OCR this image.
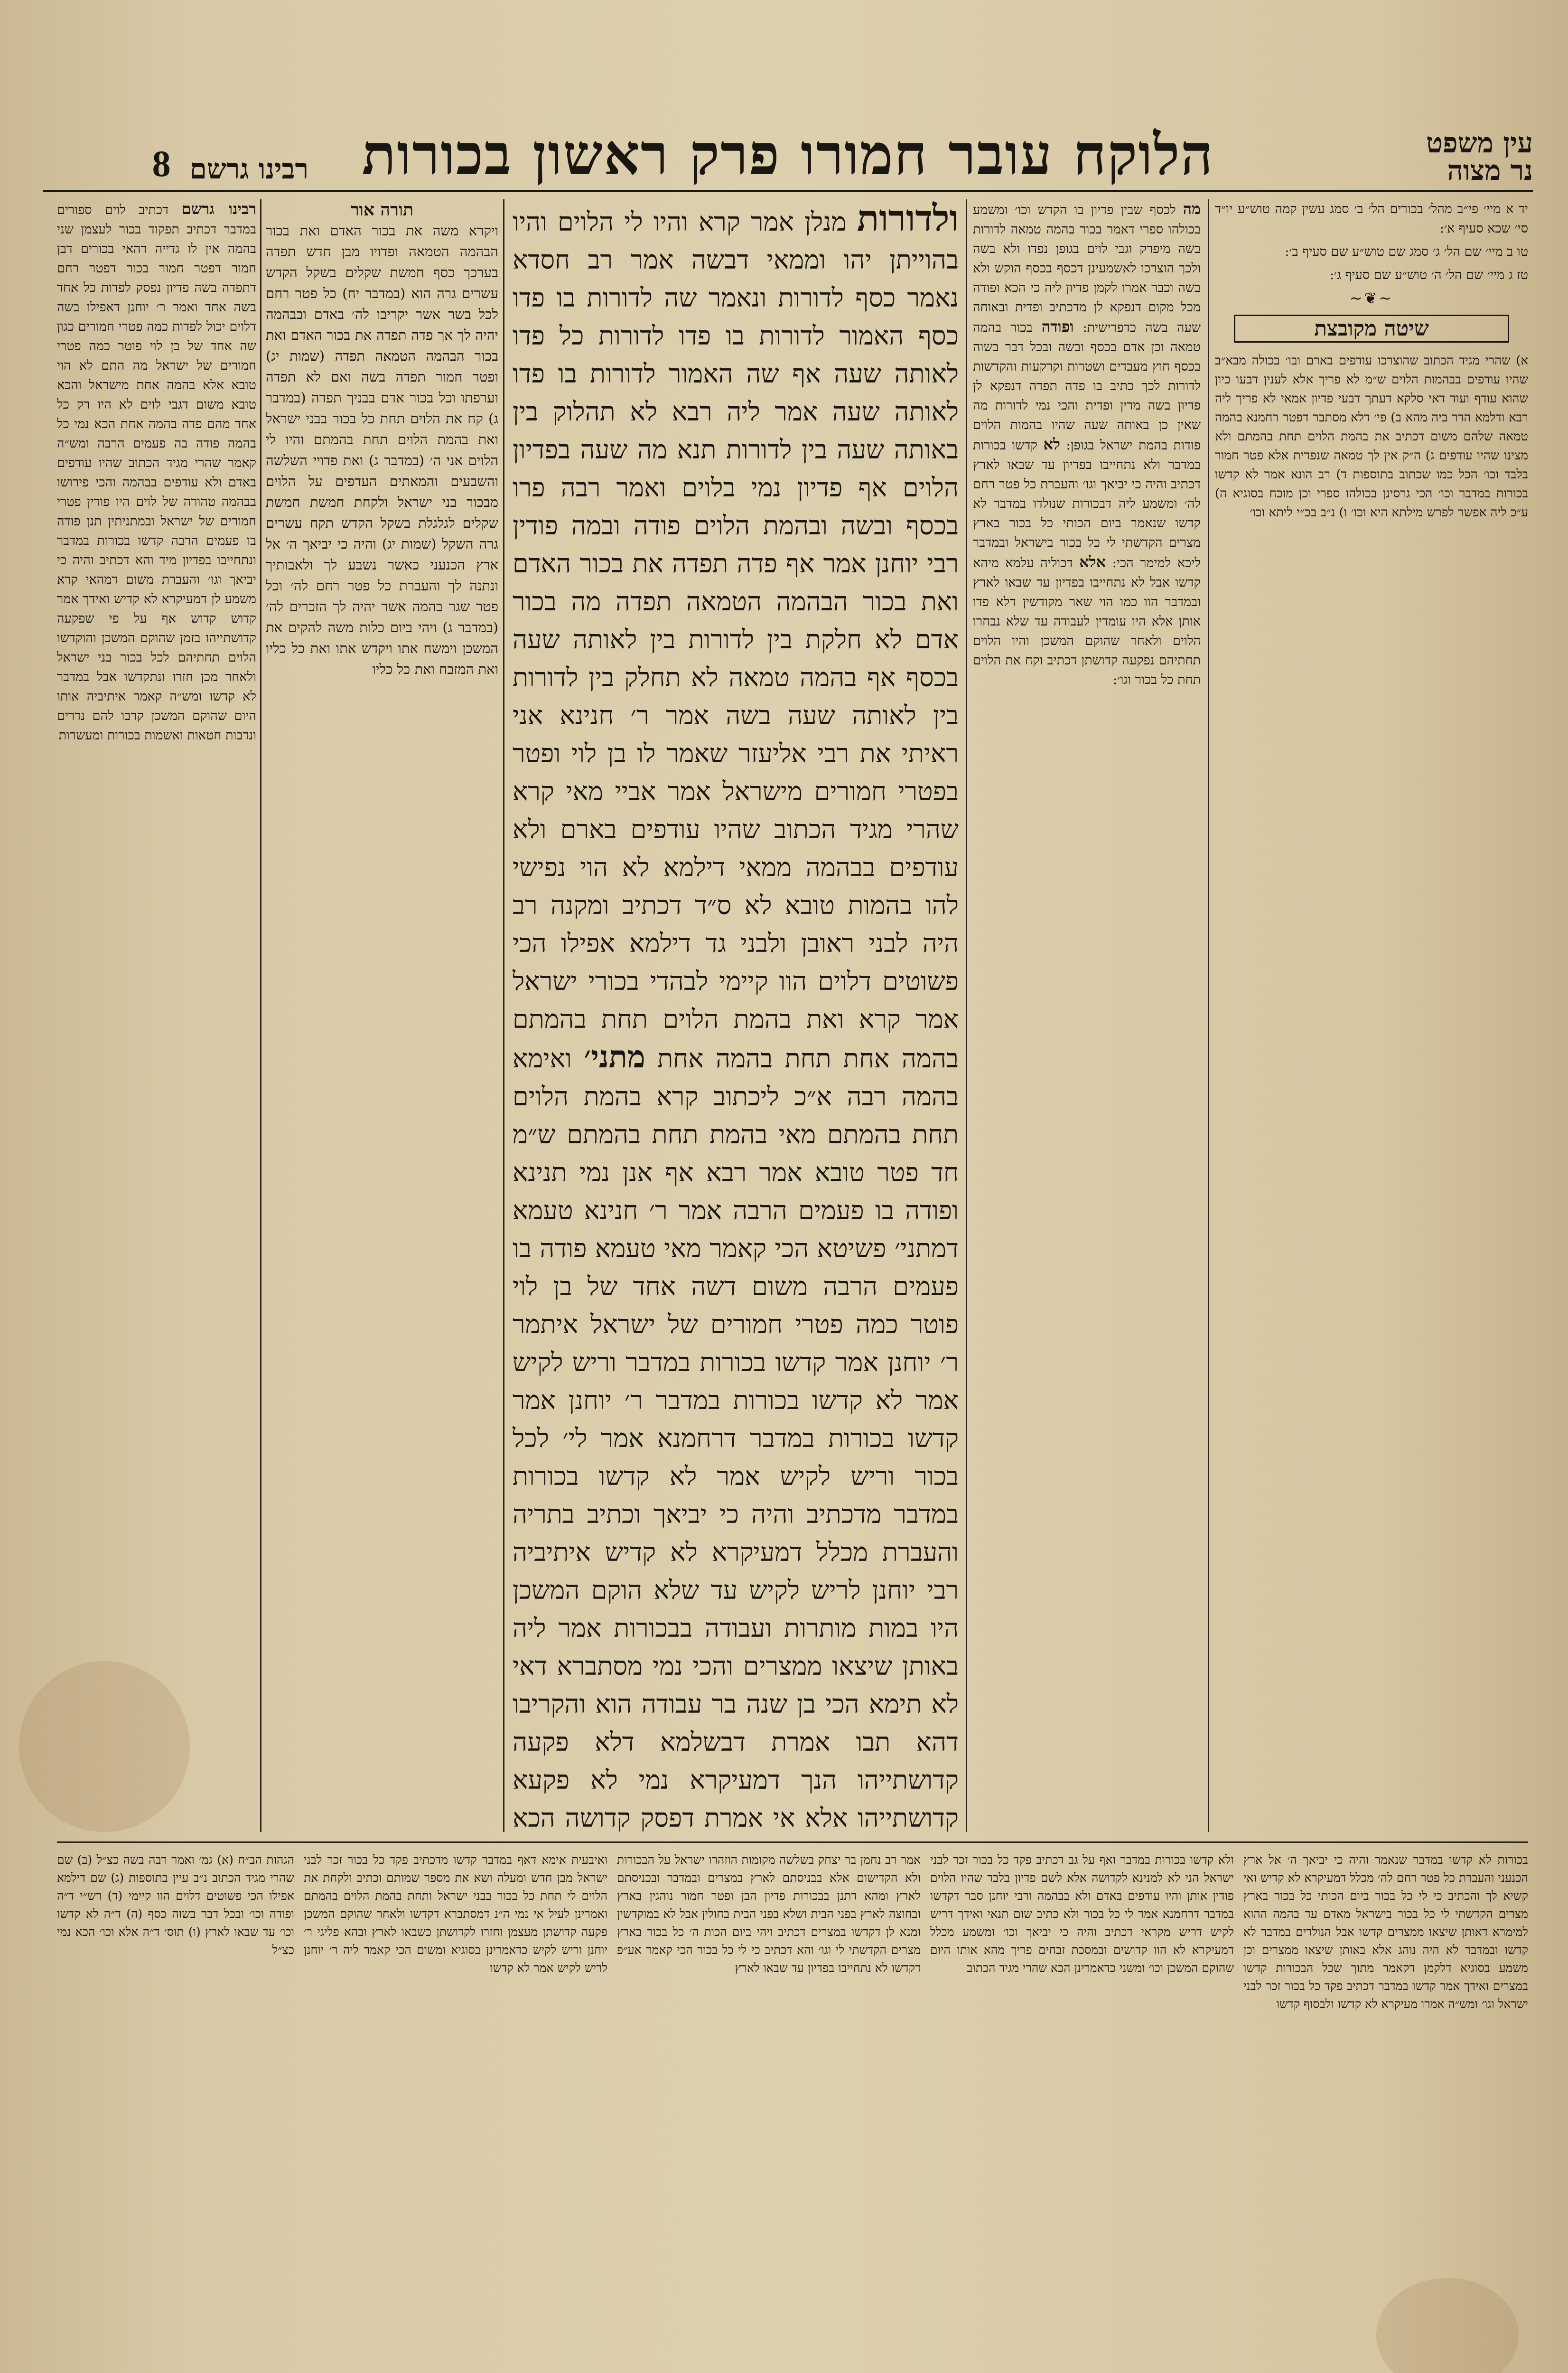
עין משפט
נר מצוה
הלוקח עובר חמורו פרק ראשון בכורות
רבינו גרשם
8
יד א מיי׳ פי״ב מהל׳ בכורים הל׳ ב׳ סמג עשין קמה טוש״ע יו״ד סי׳ שכא סעיף א׳:
טו ב מיי׳ שם הל׳ ג׳ סמג שם טוש״ע שם סעיף ב׳:
טז ג מיי׳ שם הל׳ ה׳ טוש״ע שם סעיף ג׳:
~❦~
שיטה מקובצת
א) שהרי מגיד הכתוב שהוצרכו עודפים בארם ובו׳ בכולה מבא״ב שהיו עודפים בבהמות הלוים ש״מ לא פריך אלא לענין דבעו כיון שהוא עודף ועוד דאי סלקא דעתך דבעי פדיון אמאי לא פריך ליה רבא ודלמא הדר ביה מהא ב) פי׳ דלא מסתבר דפטר רחמנא בהמה טמאה שלהם משום דכתיב את בהמת הלוים תחת בהמתם ולא מצינו שהיו עודפים ג) ה״ק אין לך טמאה שנפדית אלא פטר חמור בלבד וכו׳ הכל כמו שכתוב בתוספות ד) רב הונא אמר לא קדשו בכורות במדבר וכו׳ הכי גרסינן בכולהו ספרי וכן מוכח בסוגיא ה) ע״כ ליה אפשר לפרש מילתא היא וכו׳ ו) נ״ב בכ״י ליתא וכו׳
מה לכסף שבין פדיון בו הקדש וכו׳ ומשמע בכולהו ספרי דאמר בכור בהמה טמאה לדורות בשה מיפרק וגבי לוים בגופן נפדו ולא בשה ולכך הוצרכו לאשמעינן דכסף בכסף הוקש ולא בשה וכבר אמרו לקמן פדיון ליה כי הכא ופודה מכל מקום דנפקא לן מדכתיב ופדית ובאוחה שעה בשה כדפרישית: ופודה בכור בהמה טמאה וכן אדם בכסף ובשה ובכל דבר בשוה בכסף חוץ מעבדים ושטרות וקרקעות והקדשות לדורות לכך כתיב בו פדה תפדה דנפקא לן פדיון בשה מדין ופדית והכי נמי לדורות מה שאין כן באותה שעה שהיו בהמות הלוים פודות בהמת ישראל בגופן: לא קדשו בכורות במדבר ולא נתחייבו בפדיון עד שבאו לארץ דכתיב והיה כי יביאך וגו׳ והעברת כל פטר רחם לה׳ ומשמע ליה דבכורות שנולדו במדבר לא קדשו שנאמר ביום הכותי כל בכור בארץ מצרים הקדשתי לי כל בכור בישראל ובמדבר ליכא למימר הכי: אלא דכוליה עלמא מיהא קדשו אבל לא נתחייבו בפדיון עד שבאו לארץ ובמדבר הוו כמו הוי שאר מקודשין דלא פדו אותן אלא היו עומדין לעבודה עד שלא נבחרו הלוים ולאחר שהוקם המשכן והיו הלוים תחתיהם נפקעה קדושתן דכתיב וקח את הלוים תחת כל בכור וגו׳:
ולדורות מנלן אמר קרא והיו לי הלוים והיו בהוייתן יהו וממאי דבשה אמר רב חסדא נאמר כסף לדורות ונאמר שה לדורות בו פדו כסף האמור לדורות בו פדו לדורות כל פדו לאותה שעה אף שה האמור לדורות בו פדו לאותה שעה אמר ליה רבא לא תהלוק בין באותה שעה בין לדורות תנא מה שעה בפדיון הלוים אף פדיון נמי בלוים ואמר רבה פרו בכסף ובשה ובהמת הלוים פודה ובמה פודין רבי יוחנן אמר אף פדה תפדה את בכור האדם ואת בכור הבהמה הטמאה תפדה מה בכור אדם לא חלקת בין לדורות בין לאותה שעה בכסף אף בהמה טמאה לא תחלק בין לדורות בין לאותה שעה בשה אמר ר׳ חנינא אני ראיתי את רבי אליעזר שאמר לו בן לוי ופטר בפטרי חמורים מישראל אמר אביי מאי קרא שהרי מגיד הכתוב שהיו עודפים בארם ולא עודפים בבהמה ממאי דילמא לא הוי נפישי להו בהמות טובא לא ס״ד דכתיב ומקנה רב היה לבני ראובן ולבני גד דילמא אפילו הכי פשוטים דלוים הוו קיימי לבהדי בכורי ישראל אמר קרא ואת בהמת הלוים תחת בהמתם בהמה אחת תחת בהמה אחת מתני׳ ואימא בהמה רבה א״כ ליכתוב קרא בהמת הלוים תחת בהמתם מאי בהמת תחת בהמתם ש״מ חד פטר טובא אמר רבא אף אנן נמי תנינא ופודה בו פעמים הרבה אמר ר׳ חנינא טעמא דמתני׳ פשיטא הכי קאמר מאי טעמא פודה בו פעמים הרבה משום דשה אחד של בן לוי פוטר כמה פטרי חמורים של ישראל איתמר ר׳ יוחנן אמר קדשו בכורות במדבר וריש לקיש אמר לא קדשו בכורות במדבר ר׳ יוחנן אמר קדשו בכורות במדבר דרחמנא אמר לי׳ לכל בכור וריש לקיש אמר לא קדשו בכורות במדבר מדכתיב והיה כי יביאך וכתיב בתריה והעברת מכלל דמעיקרא לא קדיש איתיביה רבי יוחנן לריש לקיש עד שלא הוקם המשכן היו במות מותרות ועבודה בבכורות אמר ליה באותן שיצאו ממצרים והכי נמי מסתברא דאי לא תימא הכי בן שנה בר עבודה הוא והקריבו דהא תבו אמרת דבשלמא דלא פקעה קדושתייהו הנך דמעיקרא נמי לא פקעא קדושתייהו אלא אי אמרת דפסק קדושה הכא
תורה אור
ויקרא משה את בכור האדם ואת בכור הבהמה הטמאה ופדויו מבן חדש תפדה בערכך כסף חמשת שקלים בשקל הקדש עשרים גרה הוא (במדבר יח) כל פטר רחם לכל בשר אשר יקריבו לה׳ באדם ובבהמה יהיה לך אך פדה תפדה את בכור האדם ואת בכור הבהמה הטמאה תפדה (שמות יג) ופטר חמור תפדה בשה ואם לא תפדה וערפתו וכל בכור אדם בבניך תפדה (במדבר ג) קח את הלוים תחת כל בכור בבני ישראל ואת בהמת הלוים תחת בהמתם והיו לי הלוים אני ה׳ (במדבר ג) ואת פדויי השלשה והשבעים והמאתים העדפים על הלוים מבכור בני ישראל ולקחת חמשת חמשת שקלים לגלגלת בשקל הקדש תקח עשרים גרה השקל (שמות יג) והיה כי יביאך ה׳ אל ארץ הכנעני כאשר נשבע לך ולאבותיך ונתנה לך והעברת כל פטר רחם לה׳ וכל פטר שגר בהמה אשר יהיה לך הזכרים לה׳ (במדבר ג) ויהי ביום כלות משה להקים את המשכן וימשח אתו ויקדש אתו ואת כל כליו ואת המזבח ואת כל כליו
רבינו גרשם דכתיב לוים ספורים במדבר דכתיב תפקוד בכור לעצמן שני בהמה אין לו גדייה דהאי בכורים דבן חמור דפטר חמור בכור דפטר רחם דתפדה בשה פדיון נפסק לפדות כל אחד בשה אחד ואמר ר׳ יוחנן דאפילו בשה דלוים יכול לפדות כמה פטרי חמורים כגון שה אחד של בן לוי פוטר כמה פטרי חמורים של ישראל מה התם לא הוי טובא אלא בהמה אחת מישראל והכא טובא משום דגבי לוים לא היו רק כל אחד מהם פדה בהמה אחת הכא נמי כל בהמה פודה בה פעמים הרבה ומש״ה קאמר שהרי מגיד הכתוב שהיו עודפים באדם ולא עודפים בבהמה והכי פירושו בבהמה טהורה של לוים היו פודין פטרי חמורים של ישראל ובמתניתין תנן פודה בו פעמים הרבה קדשו בכורות במדבר ונתחייבו בפדיון מיד והא דכתיב והיה כי יביאך וגו׳ והעברת משום דמהאי קרא משמע לן דמעיקרא לא קדיש ואידך אמר קדוש קדוש אף על פי שפקעה קדושתייהו בזמן שהוקם המשכן והוקדשו הלוים תחתיהם לכל בכור בני ישראל ולאחר מכן חזרו ונתקדשו אבל במדבר לא קדשו ומש״ה קאמר איתיביה אותו היום שהוקם המשכן קרבו להם נדרים ונדבות חטאות ואשמות בכורות ומעשרות
בכורות לא קדשו במדבר שנאמר והיה כי יביאך ה׳ אל ארץ הכנעני והעברת כל פטר רחם לה׳ מכלל דמעיקרא לא קדיש ואי קשיא לך והכתיב כי לי כל בכור ביום הכותי כל בכור בארץ מצרים הקדשתי לי כל בכור בישראל מאדם עד בהמה ההוא למימרא דאותן שיצאו ממצרים קדשו אבל הנולדים במדבר לא קדשו ובמדבר לא היה נוהג אלא באותן שיצאו ממצרים וכן משמע בסוגיא דלקמן דקאמר מתוך שכל הבכורות קדשו במצרים ואידך אמר קדשו במדבר דכתיב פקד כל בכור זכר לבני ישראל וגו׳ ומש״ה אמרו מעיקרא לא קדשו ולבסוף קדשו
ולא קדשו בכורות במדבר ואף על גב דכתיב פקד כל בכור זכר לבני ישראל הני לא למנינא לקדושה אלא לשם פדיון בלבד שהיו הלוים פודין אותן והיו עודפים באדם ולא בבהמה ורבי יוחנן סבר דקדשו במדבר דרחמנא אמר לי כל בכור ולא כתיב שום תנאי ואידך דריש לקיש דריש מקראי דכתיב והיה כי יביאך וכו׳ ומשמע מכלל דמעיקרא לא הוו קדושים ובמסכת זבחים פריך מהא אותו היום שהוקם המשכן וכו׳ ומשני כדאמרינן הכא שהרי מגיד הכתוב
אמר רב נחמן בר יצחק בשלשה מקומות הוזהרו ישראל על הבכורות ולא הקדישום אלא בבניסתם לארץ במצרים ובמדבר ובכניסתם לארץ ומהא דתנן בבכורות פדיון הבן ופטר חמור נוהגין בארץ ובחוצה לארץ בפני הבית ושלא בפני הבית בחולין אבל לא במוקדשין ומנא לן דקדשו במצרים דכתיב ויהי ביום הכות ה׳ כל בכור בארץ מצרים הקדשתי לי וגו׳ והא דכתיב כי לי כל בכור הכי קאמר אע״פ דקדשו לא נתחייבו בפדיון עד שבאו לארץ
ואיבעית אימא דאף במדבר קדשו מדכתיב פקד כל בכור זכר לבני ישראל מבן חדש ומעלה ושא את מספר שמותם וכתיב ולקחת את הלוים לי תחת כל בכור בבני ישראל ותחת בהמת הלוים בהמתם ואמרינן לעיל אי נמי ה״נ דמסתברא דקדשו ולאחר שהוקם המשכן פקעה קדושתן מעצמן וחזרו לקדושתן כשבאו לארץ ובהא פליגי ר׳ יוחנן וריש לקיש כדאמרינן בסוגיא ומשום הכי קאמר ליה ר׳ יוחנן לריש לקיש אמר לא קדשו
הגהות הב״ח (א) גמ׳ ואמר רבה בשה כצ״ל (ב) שם שהרי מגיד הכתוב נ״ב עיין בתוספות (ג) שם דילמא אפילו הכי פשוטים דלוים הוו קיימי (ד) רש״י ד״ה ופודה וכו׳ ובכל דבר בשוה כסף (ה) ד״ה לא קדשו וכו׳ עד שבאו לארץ (ו) תוס׳ ד״ה אלא וכו׳ הכא נמי כצ״ל
